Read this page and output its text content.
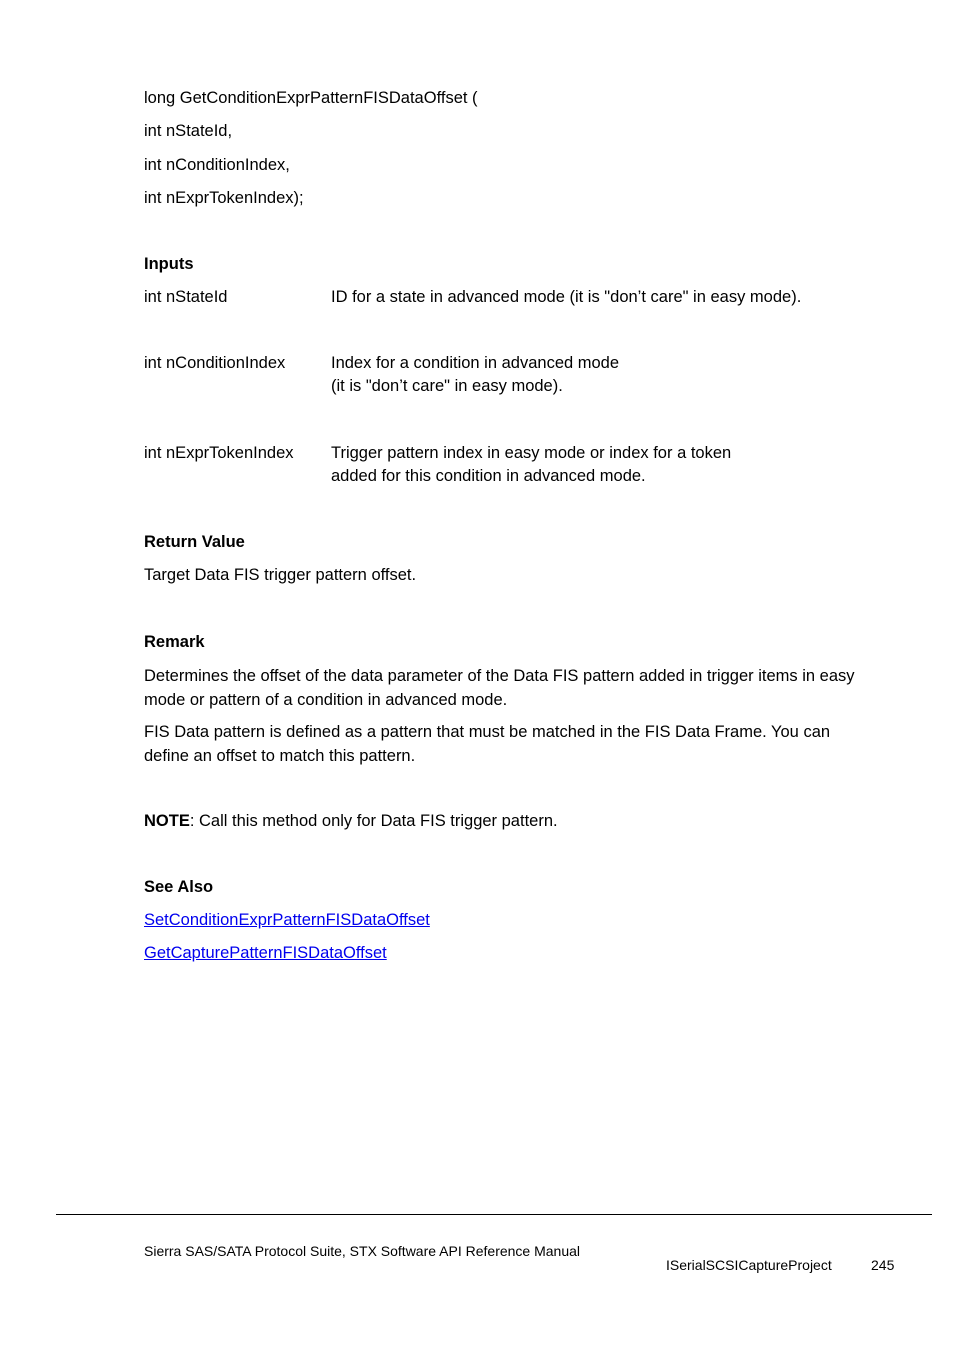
long GetConditionExprPatternFISDataOffset (
int nStateId,
int nConditionIndex,
int nExprTokenIndex);
Inputs
int nStateId	ID for a state in advanced mode (it is "don’t care" in easy mode).
int nConditionIndex	Index for a condition in advanced mode
(it is "don’t care" in easy mode).
int nExprTokenIndex Trigger pattern index in easy mode or index for a token
added for this condition in advanced mode.
Return Value
Target Data FIS trigger pattern offset.
Remark
Determines the offset of the data parameter of the Data FIS pattern added in trigger items in easy mode or pattern of a condition in advanced mode.
FIS Data pattern is defined as a pattern that must be matched in the FIS Data Frame. You can define an offset to match this pattern.
NOTE: Call this method only for Data FIS trigger pattern.
See Also
SetConditionExprPatternFISDataOffset
GetCapturePatternFISDataOffset
Sierra SAS/SATA Protocol Suite, STX Software API Reference Manual
ISerialSCSICaptureProject	245
